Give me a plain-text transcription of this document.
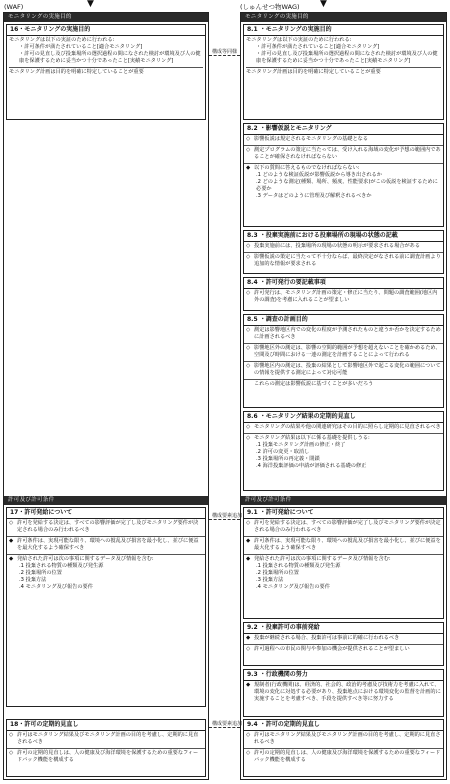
(WAF)	▼	(しゅんせつ物WAG) ▼
モニタリングの実施目的
16・モニタリングの実施目的
モニタリングは以下の実証のために行われる:
・許可条件が満たされていること[適合モニタリング]
・許可の見直し及び投棄場所の選択過程の間になされた検討が環境及び人の健康を保護するために妥当かつ十分であったこと[実績モニタリング]
モニタリング計画は目的を明確に特定していることが重要
許可及び許可条件
17・許可発給について
◇ 許可を発給する決定は、すべての影響評価が完了し及びモニタリング要件が決定される場合のみ行われるべき
◆ 許可条件は、実現可能な限り、環境への撹乱及び損害を最小化し、並びに便益を最大化するよう確保すべき
◆ 発給された許可は次の事項に関するデータ及び情報を含む:
.1 投棄される物質の種類及び発生源
.2 投棄場所の位置
.3 投棄方法
.4 モニタリング及び報告の要件
18・許可の定期的見直し
◇ 許可はモニタリング結果及びモニタリング計画の目的を考慮し、定期的に見直されるべき
◇ 許可の定期的見直しは、人の健康及び海洋環境を保護するための重要なフィードバック機能を構成する
構成等同様
構成要素追加
構成要素追加
モニタリングの実施目的
8.1 ・モニタリングの実施目的
モニタリングは以下の実証のために行われる:
・許可条件が満たされていること[適合モニタリング]
・許可の見直し及び投棄場所の選択過程の間になされた検討が環境及び人の健康を保護するために妥当かつ十分であったこと[実績モニタリング]
モニタリング計画は目的を明確に特定していることが重要
8.2 ・影響仮説とモニタリング
◇ 影響仮説は規定されるモニタリングの基礎となる
◇ 測定プログラムの策定に当たっては、受け入れる海域の変化が予想の範囲内であることが確保されなければならない
◆ 以下の質問に答えるものでなければならない:
.1 どのような検証仮説が影響仮説から導き出されるか
.2 どのような測定(種類、場所、頻度、性能要求)がこの仮説を検証するために必要か
.3 データはどのように管理及び解釈されるべきか
8.3 ・投棄実施前における投棄場所の現場の状態の記載
◇ 投棄実施前には、投棄場所の現場の状態の明示が要求される場合がある
◇ 影響仮説の策定に当たって不十分ならば、最終決定がなされる前に調査計画より追加的な情報が要求される
8.4 ・許可発行の要記載事項
◇ 許可発行は、モニタリング計画の策定・修正に当たり、問題の調査範囲(地区内外の調査)を考慮に入れることが望ましい
8.5 ・調査の計画目的
◇ 測定は影響地区内での変化の程度が予測されたものと違うか否かを決定するために計画されるべき
◇ 影響地区外の測定は、影響の空間的範囲が予想を超えないことを確かめるため、空間及び時間における一連の測定を計画することによって行われる
◇ 影響地区内の測定は、投棄の結果として影響地区外で起こる変化の範囲についての情報を提供する測定によって対応可能
これらの測定は影響仮説に基づくことが多いだろう
8.6 ・モニタリング結果の定期的見直し
◇ モニタリングの結果や他の関連研究はその目的に照らし定期的に見直されるべき
◇ モニタリング結果は以下に係る基礎を提供しうる:
.1 投棄モニタリング計画の修正・終了
.2 許可の変更・取消し
.3 投棄場所の再定義・閉鎖
.4 海洋投棄評価の申請が評価される基礎の修正
許可及び許可条件
9.1 ・許可発給について
◇ 許可を発給する決定は、すべての影響評価が完了し及びモニタリング要件が決定される場合のみ行われるべき
◆ 許可条件は、実現可能な限り、環境への撹乱及び損害を最小化し、並びに便益を最大化するよう確保すべき
◆ 発給された許可は次の事項に関するデータ及び情報を含む:
.1 投棄される物質の種類及び発生源
.2 投棄場所の位置
.3 投棄方法
.4 モニタリング及び報告の要件
9.2 ・投棄許可の事前発給
◆ 投棄が継続される場合、投棄許可は事前に的確に行われるべき
◇ 許可過程への市民の関与や参加の機会が提供されることが望ましい
9.3 ・行政機関の努力
◆ 規制者(行政機関)は、経済的、社会的、政治的考慮及び技術力を考慮に入れて、環境の変化に対処する必要があり、投棄地点における環境変化の監督を計画的に実施することを考慮すべき、手段を提供すべき等に努力する
9.4 ・許可の定期的見直し
◇ 許可はモニタリング結果及びモニタリング計画の目的を考慮し、定期的に見直されるべき
◇ 許可の定期的見直しは、人の健康及び海洋環境を保護するための重要なフィードバック機能を構成する
